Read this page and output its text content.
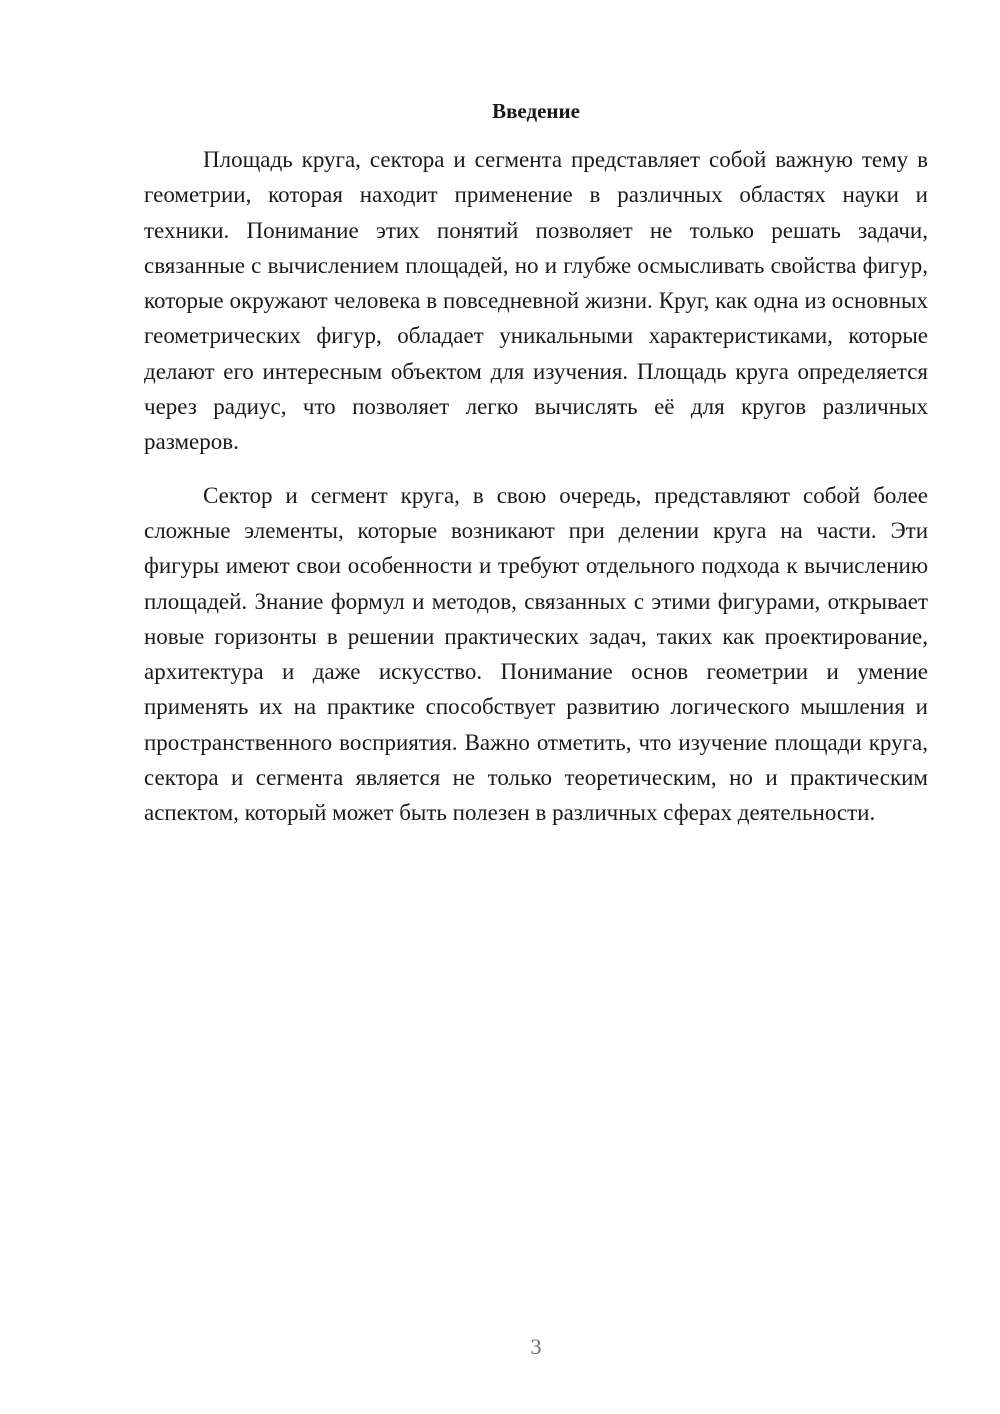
Введение

Площадь круга, сектора и сегмента представляет собой важную тему в геометрии, которая находит применение в различных областях науки и техники. Понимание этих понятий позволяет не только решать задачи, связанные с вычислением площадей, но и глубже осмысливать свойства фигур, которые окружают человека в повседневной жизни. Круг, как одна из основных геометрических фигур, обладает уникальными характеристиками, которые делают его интересным объектом для изучения. Площадь круга определяется через радиус, что позволяет легко вычислять её для кругов различных размеров.

Сектор и сегмент круга, в свою очередь, представляют собой более сложные элементы, которые возникают при делении круга на части. Эти фигуры имеют свои особенности и требуют отдельного подхода к вычислению площадей. Знание формул и методов, связанных с этими фигурами, открывает новые горизонты в решении практических задач, таких как проектирование, архитектура и даже искусство. Понимание основ геометрии и умение применять их на практике способствует развитию логического мышления и пространственного восприятия. Важно отметить, что изучение площади круга, сектора и сегмента является не только теоретическим, но и практическим аспектом, который может быть полезен в различных сферах деятельности.

3
